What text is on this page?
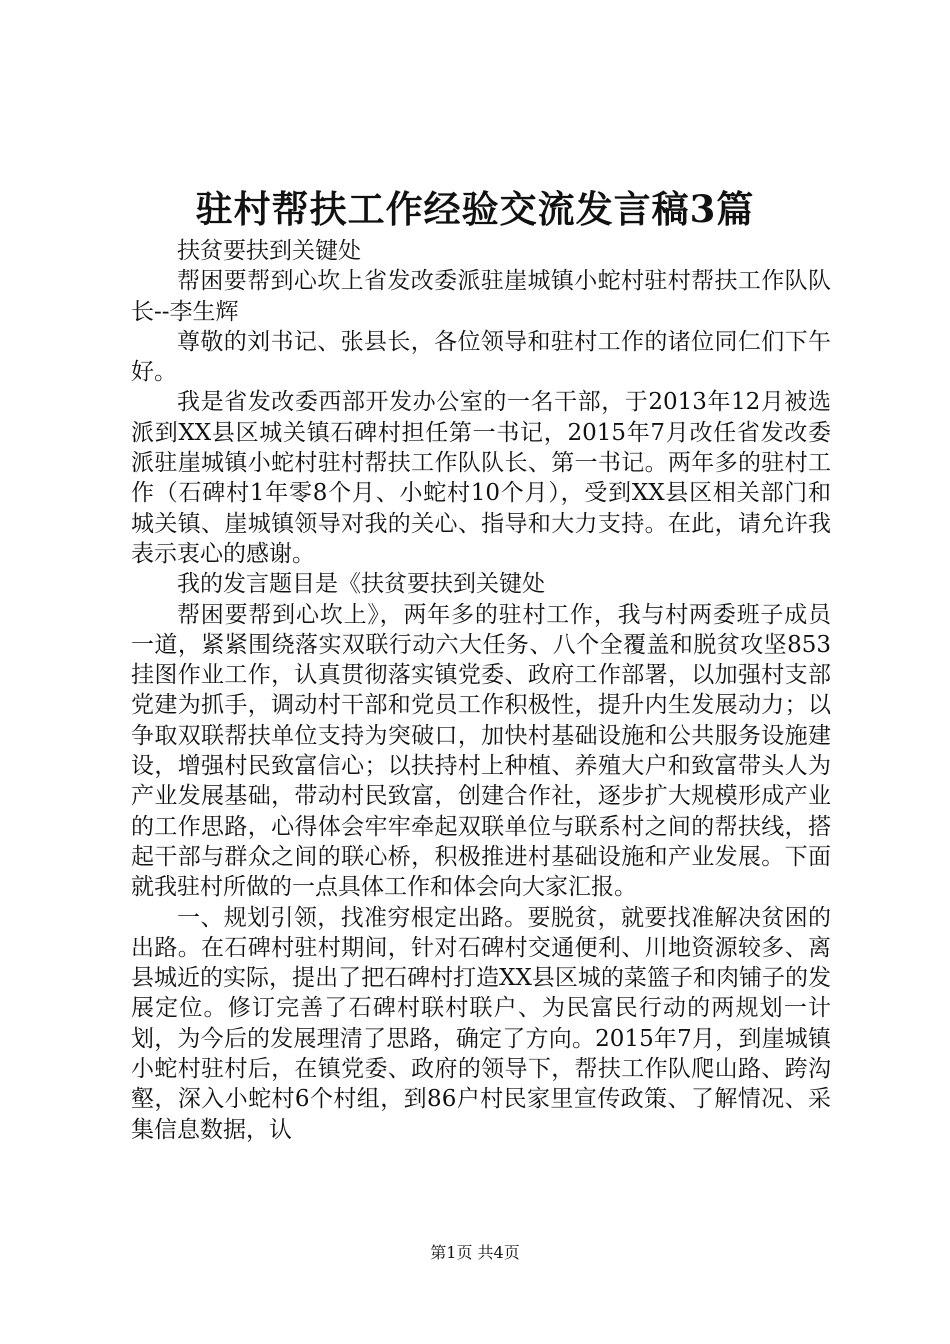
驻村帮扶工作经验交流发言稿3篇

扶贫要扶到关键处

帮困要帮到心坎上省发改委派驻崖城镇小蛇村驻村帮扶工作队队长--李生辉

尊敬的刘书记、张县长，各位领导和驻村工作的诸位同仁们下午好。

我是省发改委西部开发办公室的一名干部，于2013年12月被选派到XX县区城关镇石碑村担任第一书记，2015年7月改任省发改委派驻崖城镇小蛇村驻村帮扶工作队队长、第一书记。两年多的驻村工作（石碑村1年零8个月、小蛇村10个月），受到XX县区相关部门和城关镇、崖城镇领导对我的关心、指导和大力支持。在此，请允许我表示衷心的感谢。

我的发言题目是《扶贫要扶到关键处

帮困要帮到心坎上》，两年多的驻村工作，我与村两委班子成员一道，紧紧围绕落实双联行动六大任务、八个全覆盖和脱贫攻坚853挂图作业工作，认真贯彻落实镇党委、政府工作部署，以加强村支部党建为抓手，调动村干部和党员工作积极性，提升内生发展动力；以争取双联帮扶单位支持为突破口，加快村基础设施和公共服务设施建设，增强村民致富信心；以扶持村上种植、养殖大户和致富带头人为产业发展基础，带动村民致富，创建合作社，逐步扩大规模形成产业的工作思路，心得体会牢牢牵起双联单位与联系村之间的帮扶线，搭起干部与群众之间的联心桥，积极推进村基础设施和产业发展。下面就我驻村所做的一点具体工作和体会向大家汇报。

一、规划引领，找准穷根定出路。要脱贫，就要找准解决贫困的出路。在石碑村驻村期间，针对石碑村交通便利、川地资源较多、离县城近的实际，提出了把石碑村打造XX县区城的菜篮子和肉铺子的发展定位。修订完善了石碑村联村联户、为民富民行动的两规划一计划，为今后的发展理清了思路，确定了方向。2015年7月，到崖城镇小蛇村驻村后，在镇党委、政府的领导下，帮扶工作队爬山路、跨沟壑，深入小蛇村6个村组，到86户村民家里宣传政策、了解情况、采集信息数据，认

第1页 共4页
